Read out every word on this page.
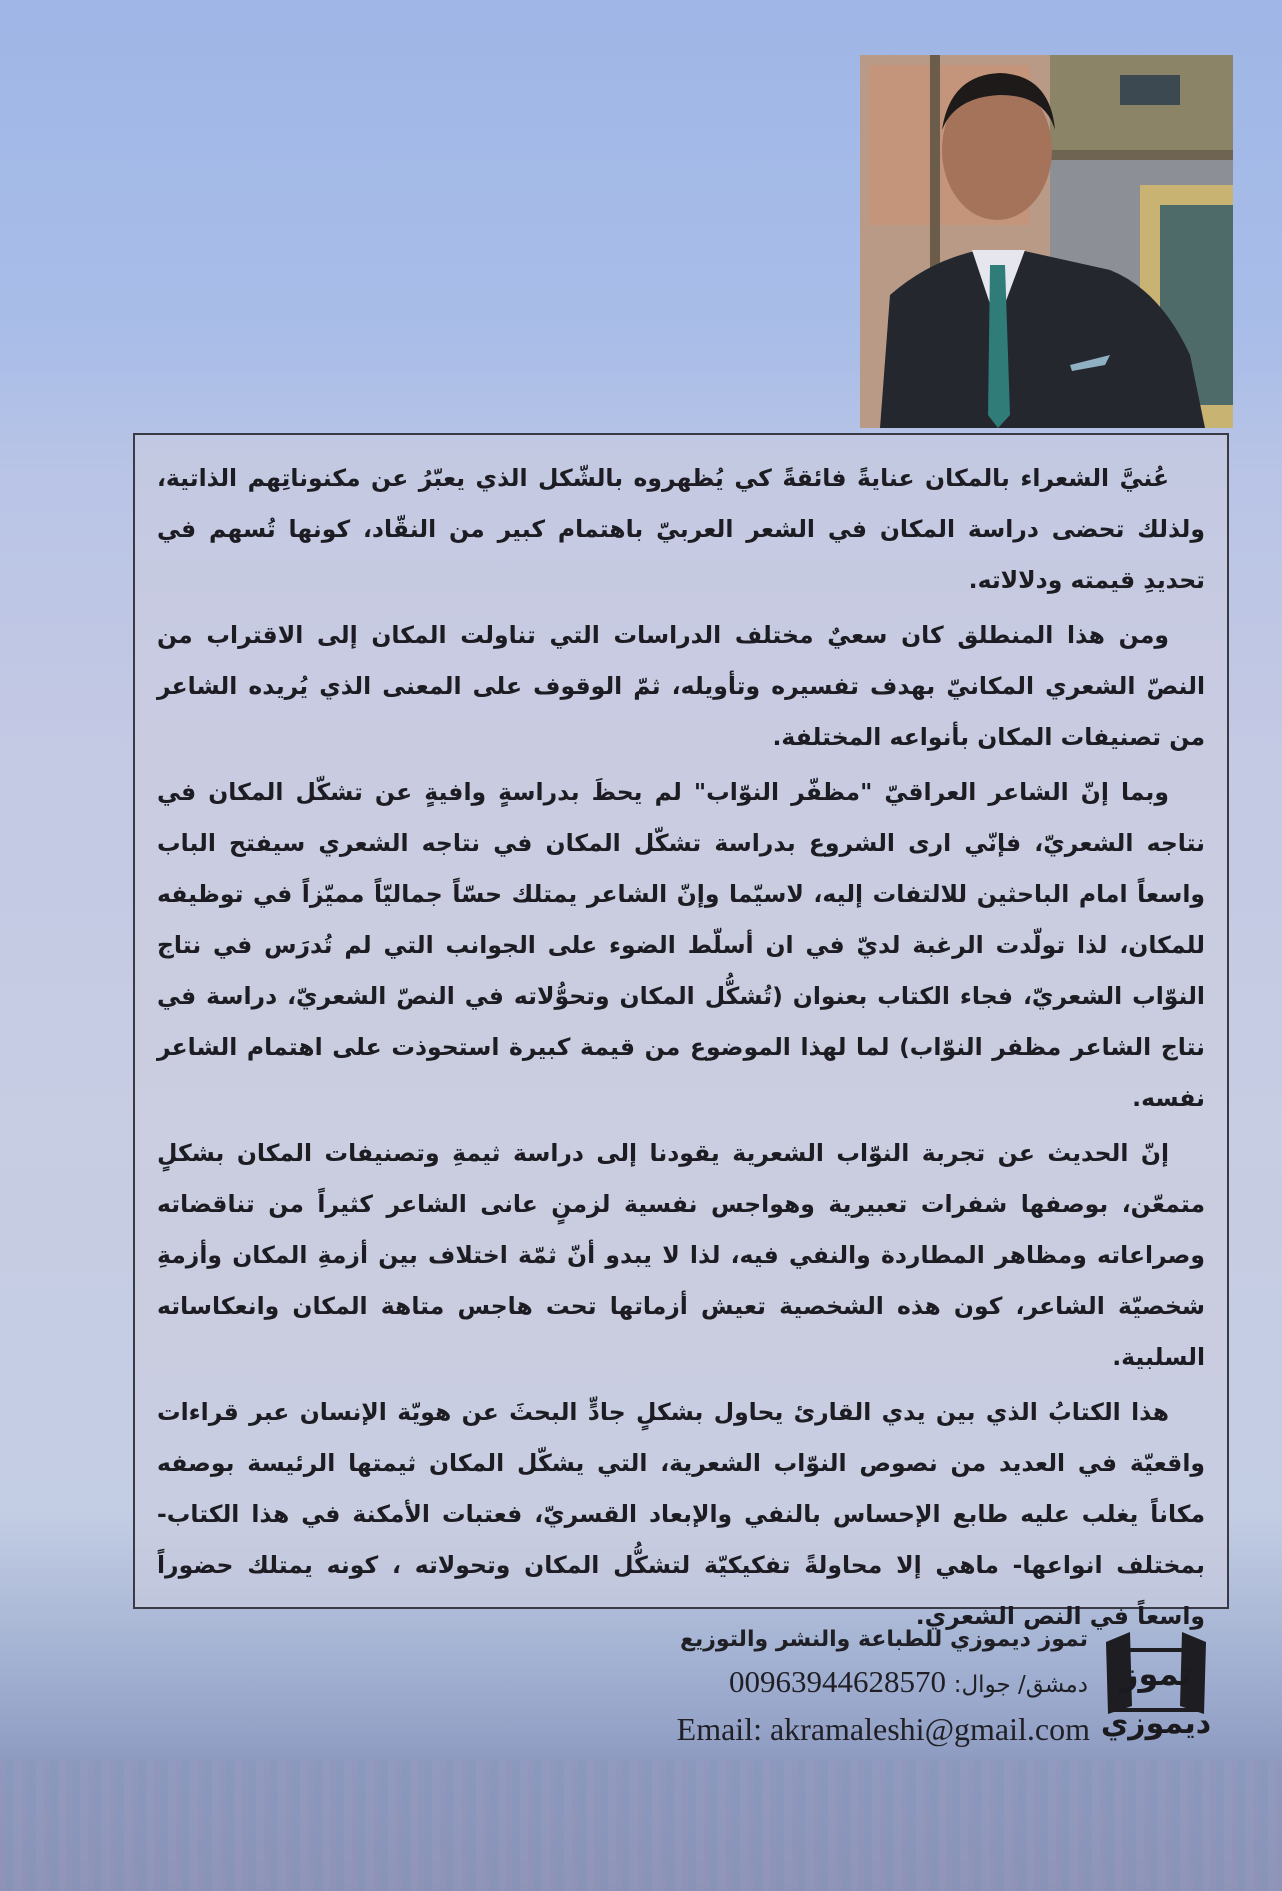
عُنيَّ الشعراء بالمكان عنايةً فائقةً كي يُظهروه بالشّكل الذي يعبّرُ عن مكنوناتِهم الذاتية، ولذلك تحضى دراسة المكان في الشعر العربيّ باهتمام كبير من النقّاد، كونها تُسهم في تحديدِ قيمته ودلالاته.

ومن هذا المنطلق كان سعيٌ مختلف الدراسات التي تناولت المكان إلى الاقتراب من النصّ الشعري المكانيّ بهدف تفسيره وتأويله، ثمّ الوقوف على المعنى الذي يُريده الشاعر من تصنيفات المكان بأنواعه المختلفة.

وبما إنّ الشاعر العراقيّ "مظفّر النوّاب" لم يحظَ بدراسةٍ وافيةٍ عن تشكّل المكان في نتاجه الشعريّ، فإنّي ارى الشروع بدراسة تشكّل المكان في نتاجه الشعري سيفتح الباب واسعاً امام الباحثين للالتفات إليه، لاسيّما وإنّ الشاعر يمتلك حسّاً جماليّاً مميّزاً في توظيفه للمكان، لذا تولّدت الرغبة لديّ في ان أسلّط الضوء على الجوانب التي لم تُدرَس في نتاج النوّاب الشعريّ، فجاء الكتاب بعنوان (تُشكُّل المكان وتحوُّلاته في النصّ الشعريّ، دراسة في نتاج الشاعر مظفر النوّاب) لما لهذا الموضوع من قيمة كبيرة استحوذت على اهتمام الشاعر نفسه.

إنّ الحديث عن تجربة النوّاب الشعرية يقودنا إلى دراسة ثيمةِ وتصنيفات المكان بشكلٍ متمعّن، بوصفها شفرات تعبيرية وهواجس نفسية لزمنٍ عانى الشاعر كثيراً من تناقضاته وصراعاته ومظاهر المطاردة والنفي فيه، لذا لا يبدو أنّ ثمّة اختلاف بين أزمةِ المكان وأزمةِ شخصيّة الشاعر، كون هذه الشخصية تعيش أزماتها تحت هاجس متاهة المكان وانعكاساته السلبية.

هذا الكتابُ الذي بين يدي القارئ يحاول بشكلٍ جادٍّ البحثَ عن هويّة الإنسان عبر قراءات واقعيّة في العديد من نصوص النوّاب الشعرية، التي يشكّل المكان ثيمتها الرئيسة بوصفه مكاناً يغلب عليه طابع الإحساس بالنفي والإبعاد القسريّ، فعتبات الأمكنة في هذا الكتاب- بمختلف انواعها- ماهي إلا محاولةً تفكيكيّة لتشكُّل المكان وتحولاته ، كونه يمتلك حضوراً واسعاً في النص الشعري.

تموز
ديموزي
تموز ديموزي للطباعة والنشر والتوزيع
دمشق/ جوال: 00963944628570
Email: akramaleshi@gmail.com
